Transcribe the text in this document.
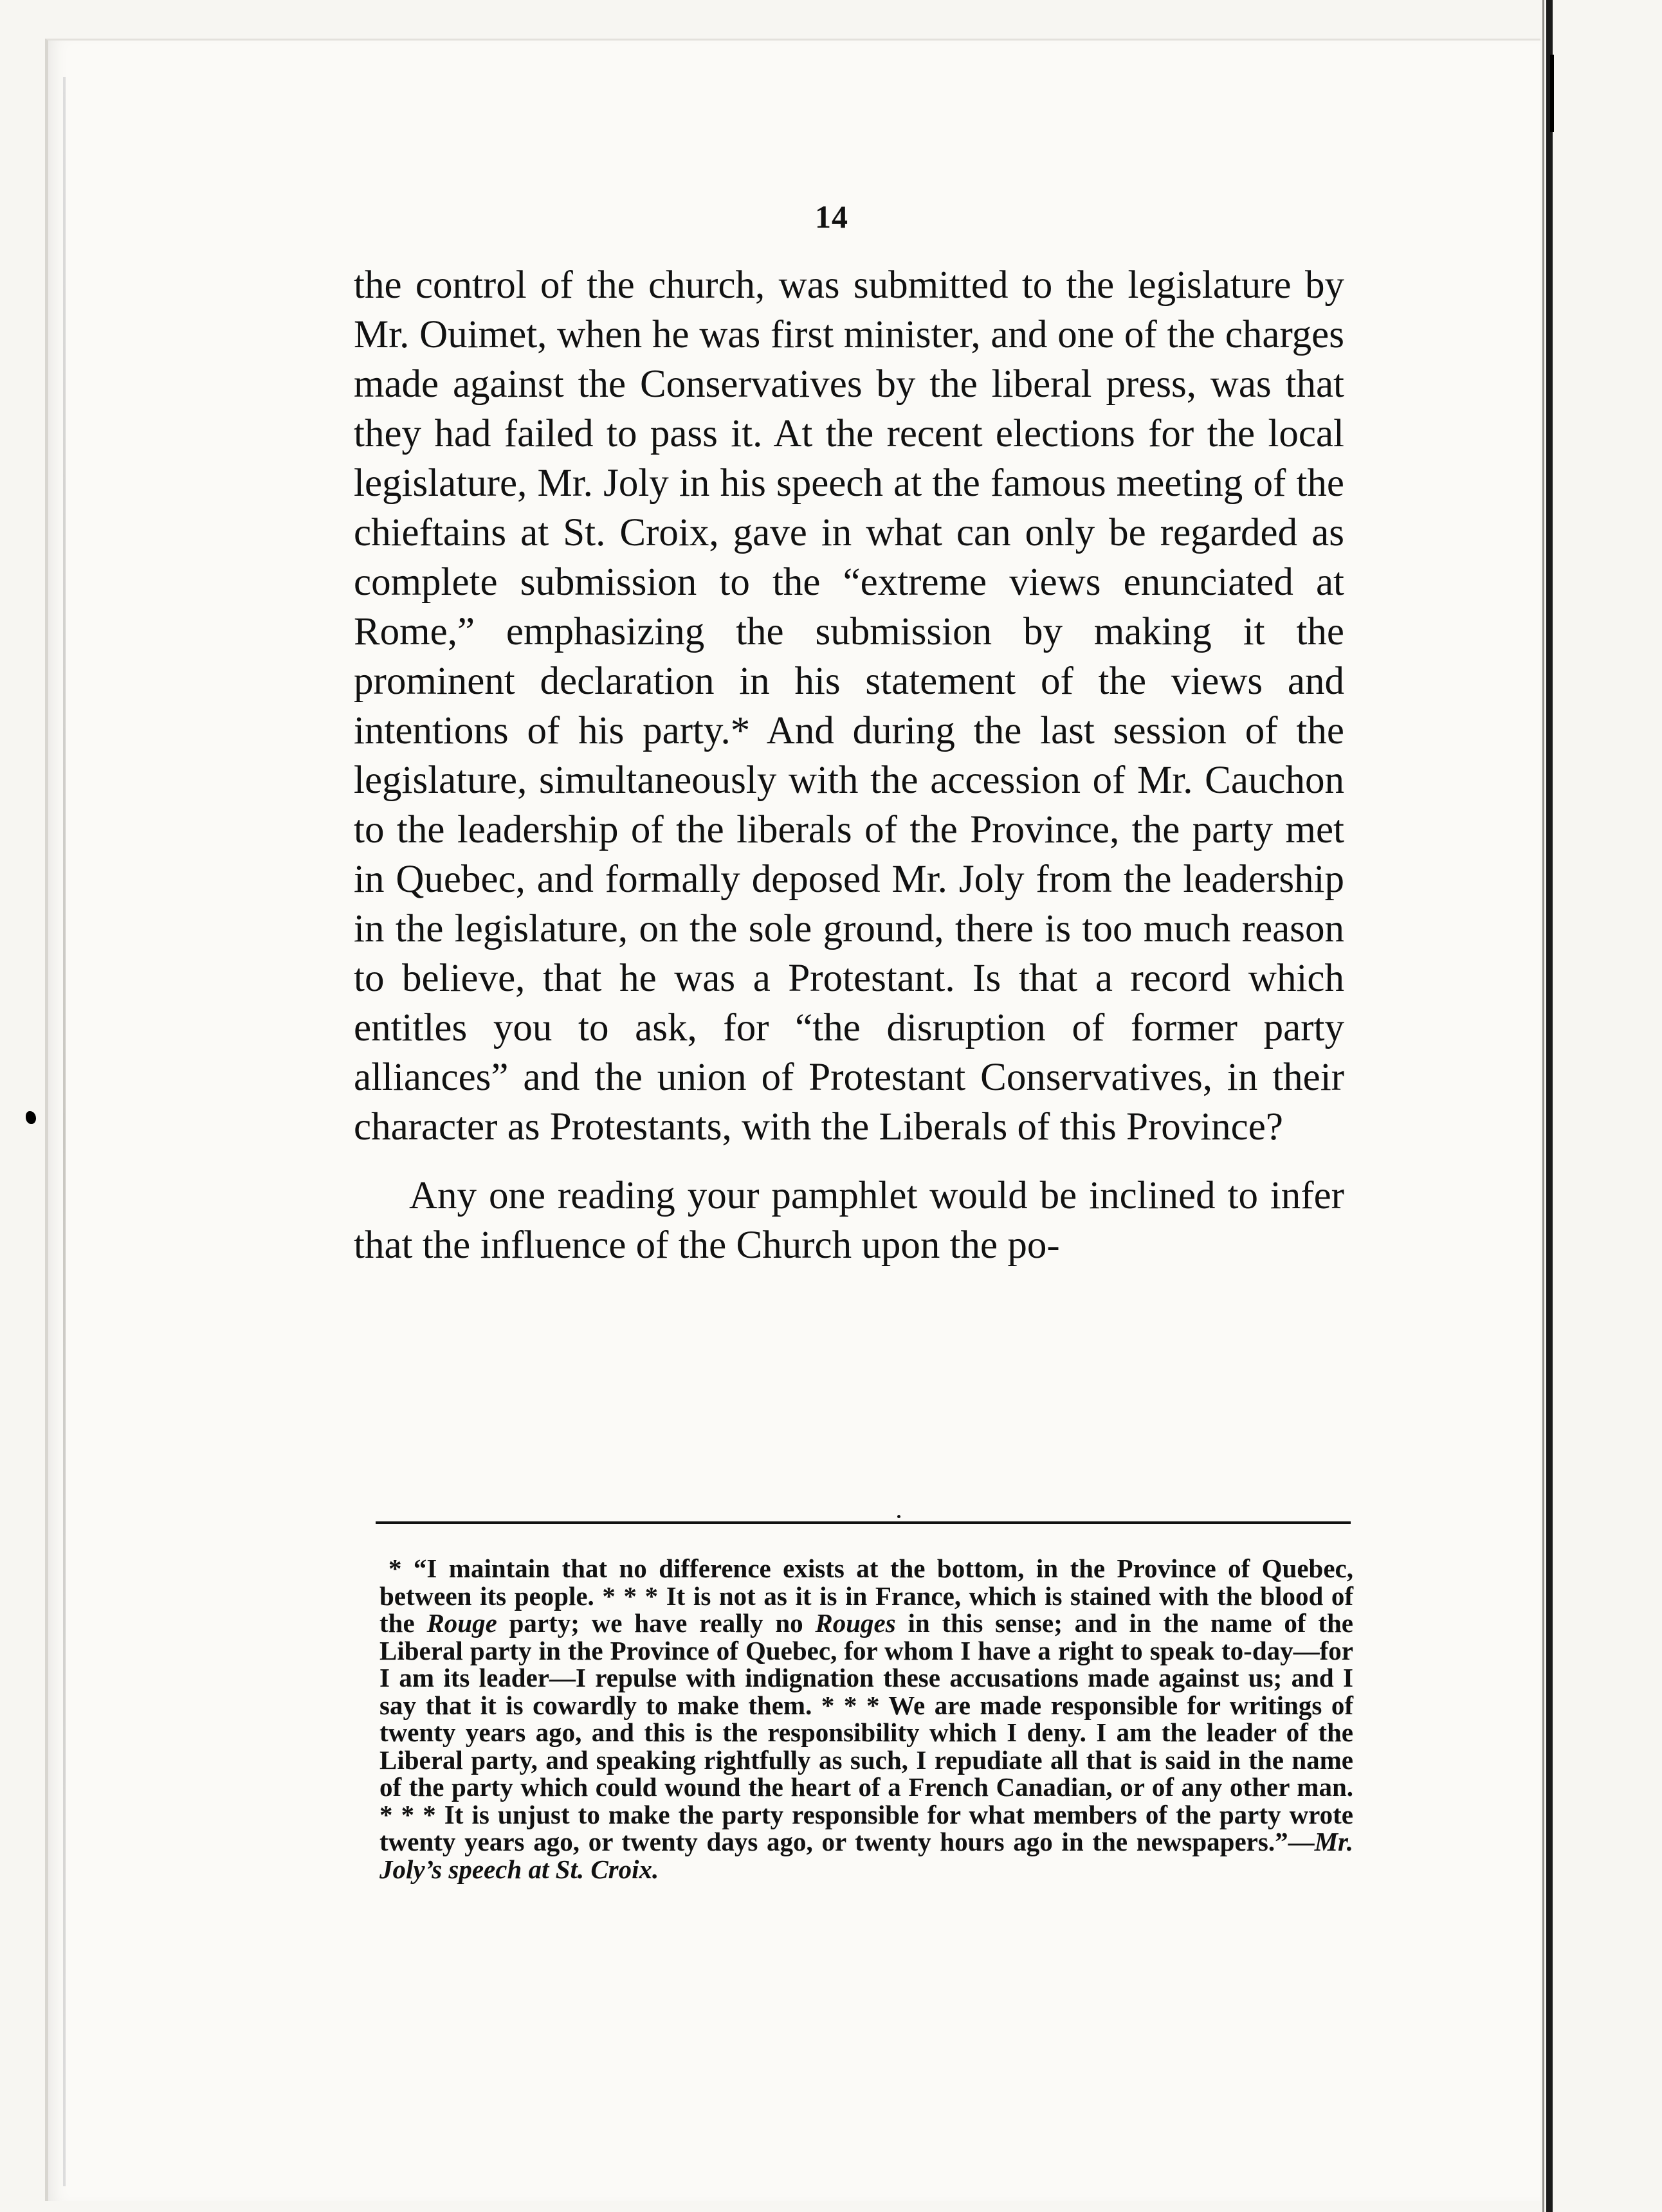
14

the control of the church, was submitted to the legislature by Mr. Ouimet, when he was first minister, and one of the charges made against the Conservatives by the liberal press, was that they had failed to pass it. At the recent elections for the local legislature, Mr. Joly in his speech at the famous meeting of the chieftains at St. Croix, gave in what can only be regarded as complete submission to the “extreme views enunciated at Rome,” emphasizing the submission by making it the prominent declaration in his statement of the views and intentions of his party.* And during the last session of the legislature, simultaneously with the accession of Mr. Cauchon to the leadership of the liberals of the Province, the party met in Quebec, and formally deposed Mr. Joly from the leadership in the legislature, on the sole ground, there is too much reason to believe, that he was a Protestant. Is that a record which entitles you to ask, for “the disruption of former party alliances” and the union of Protestant Conservatives, in their character as Protestants, with the Liberals of this Province?

Any one reading your pamphlet would be inclined to infer that the influence of the Church upon the po-

* “I maintain that no difference exists at the bottom, in the Province of Quebec, between its people. * * * It is not as it is in France, which is stained with the blood of the Rouge party; we have really no Rouges in this sense; and in the name of the Liberal party in the Province of Quebec, for whom I have a right to speak to-day—for I am its leader—I repulse with indignation these accusations made against us; and I say that it is cowardly to make them. * * * We are made responsible for writings of twenty years ago, and this is the responsibility which I deny. I am the leader of the Liberal party, and speaking rightfully as such, I repudiate all that is said in the name of the party which could wound the heart of a French Canadian, or of any other man. * * * It is unjust to make the party responsible for what members of the party wrote twenty years ago, or twenty days ago, or twenty hours ago in the newspapers.”—Mr. Joly’s speech at St. Croix.
